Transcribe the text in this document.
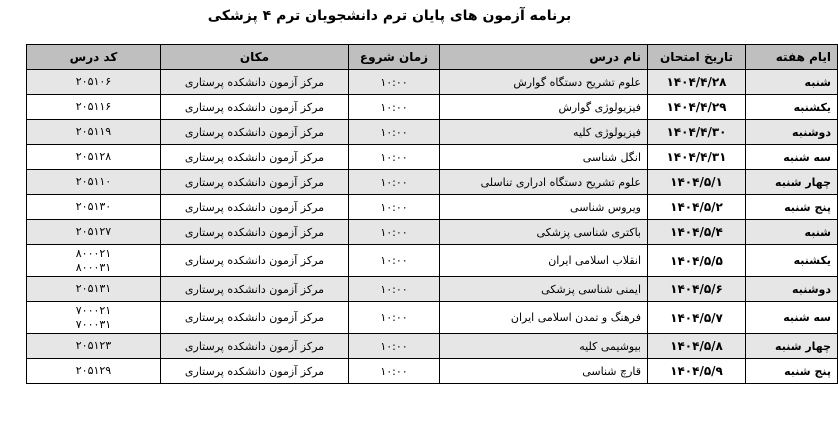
برنامه آزمون های پایان ترم دانشجویان ترم ۴ پزشکی
ایام هفته	تاریخ امتحان	نام درس	زمان شروع	مکان	کد درس
شنبه	۱۴۰۴/۴/۲۸	علوم تشریح دستگاه گوارش	۱۰:۰۰	مرکز آزمون دانشکده پرستاری	۲۰۵۱۰۶

یکشنبه	۱۴۰۴/۴/۲۹	فیزیولوژی گوارش	۱۰:۰۰	مرکز آزمون دانشکده پرستاری	۲۰۵۱۱۶

دوشنبه	۱۴۰۴/۴/۳۰	فیزیولوژی کلیه	۱۰:۰۰	مرکز آزمون دانشکده پرستاری	۲۰۵۱۱۹

سه شنبه	۱۴۰۴/۴/۳۱	انگل شناسی	۱۰:۰۰	مرکز آزمون دانشکده پرستاری	۲۰۵۱۲۸

چهار شنبه	۱۴۰۴/۵/۱	علوم تشریح دستگاه ادراری تناسلی	۱۰:۰۰	مرکز آزمون دانشکده پرستاری	۲۰۵۱۱۰

پنج شنبه	۱۴۰۴/۵/۲	ویروس شناسی	۱۰:۰۰	مرکز آزمون دانشکده پرستاری	۲۰۵۱۳۰

شنبه	۱۴۰۴/۵/۴	باکتری شناسی پزشکی	۱۰:۰۰	مرکز آزمون دانشکده پرستاری	۲۰۵۱۲۷

یکشنبه	۱۴۰۴/۵/۵	انقلاب اسلامی ایران	۱۰:۰۰	مرکز آزمون دانشکده پرستاری	۸۰۰۰۲۱
۸۰۰۰۳۱

دوشنبه	۱۴۰۴/۵/۶	ایمنی شناسی پزشکی	۱۰:۰۰	مرکز آزمون دانشکده پرستاری	۲۰۵۱۳۱

سه شنبه	۱۴۰۴/۵/۷	فرهنگ و تمدن اسلامی ایران	۱۰:۰۰	مرکز آزمون دانشکده پرستاری	۷۰۰۰۲۱
۷۰۰۰۳۱

چهار شنبه	۱۴۰۴/۵/۸	بیوشیمی کلیه	۱۰:۰۰	مرکز آزمون دانشکده پرستاری	۲۰۵۱۲۳

پنج شنبه	۱۴۰۴/۵/۹	قارچ شناسی	۱۰:۰۰	مرکز آزمون دانشکده پرستاری	۲۰۵۱۲۹
